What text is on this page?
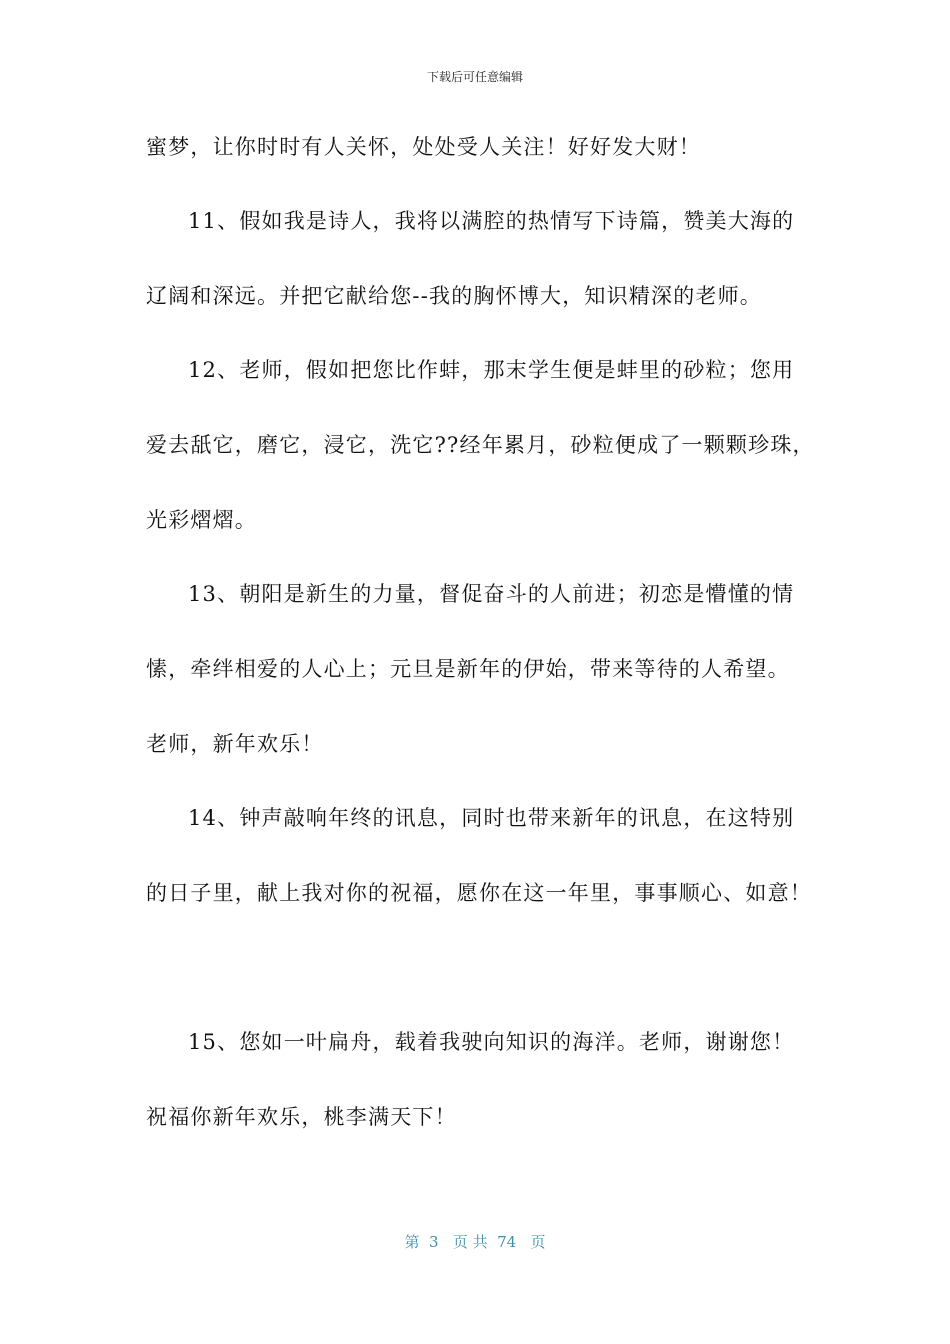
下载后可任意编辑
蜜梦，让你时时有人关怀，处处受人关注！好好发大财！
11、假如我是诗人，我将以满腔的热情写下诗篇，赞美大海的
辽阔和深远。并把它献给您--我的胸怀博大，知识精深的老师。
12、老师，假如把您比作蚌，那末学生便是蚌里的砂粒；您用
爱去舐它，磨它，浸它，洗它??经年累月，砂粒便成了一颗颗珍珠，
光彩熠熠。
13、朝阳是新生的力量，督促奋斗的人前进；初恋是懵懂的情
愫，牵绊相爱的人心上；元旦是新年的伊始，带来等待的人希望。
老师，新年欢乐！
14、钟声敲响年终的讯息，同时也带来新年的讯息，在这特别
的日子里，献上我对你的祝福，愿你在这一年里，事事顺心、如意！
15、您如一叶扁舟，载着我驶向知识的海洋。老师，谢谢您！
祝福你新年欢乐，桃李满天下！
第  3   页 共  74   页
